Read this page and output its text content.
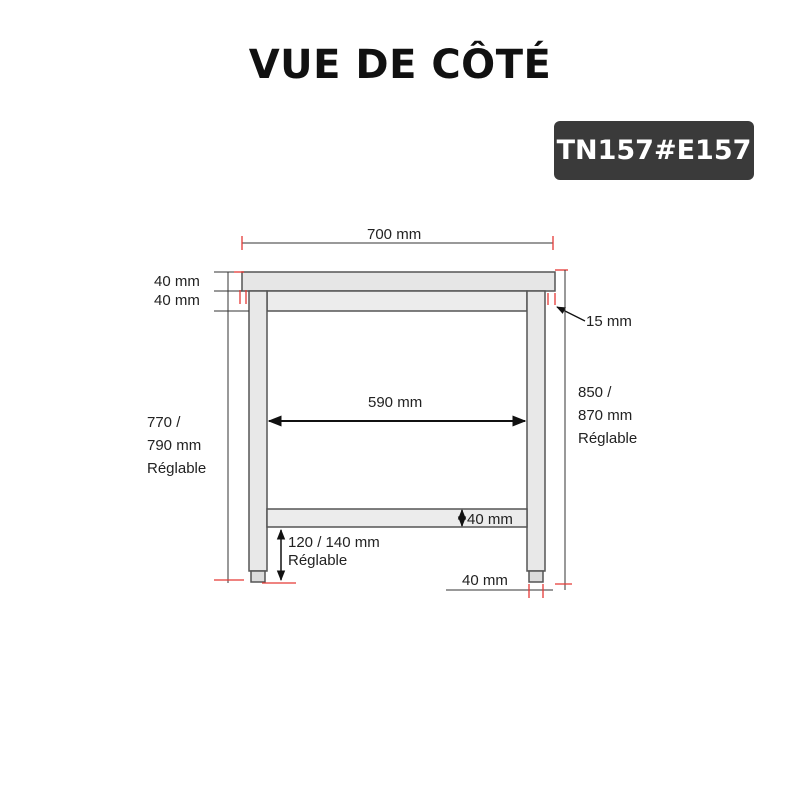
VUE DE CÔTÉ
TN157#E157
700 mm
40 mm
40 mm
15 mm
590 mm
850 /
870 mm
Réglable
770 /
790 mm
Réglable
40 mm
120 / 140 mm
Réglable
40 mm
